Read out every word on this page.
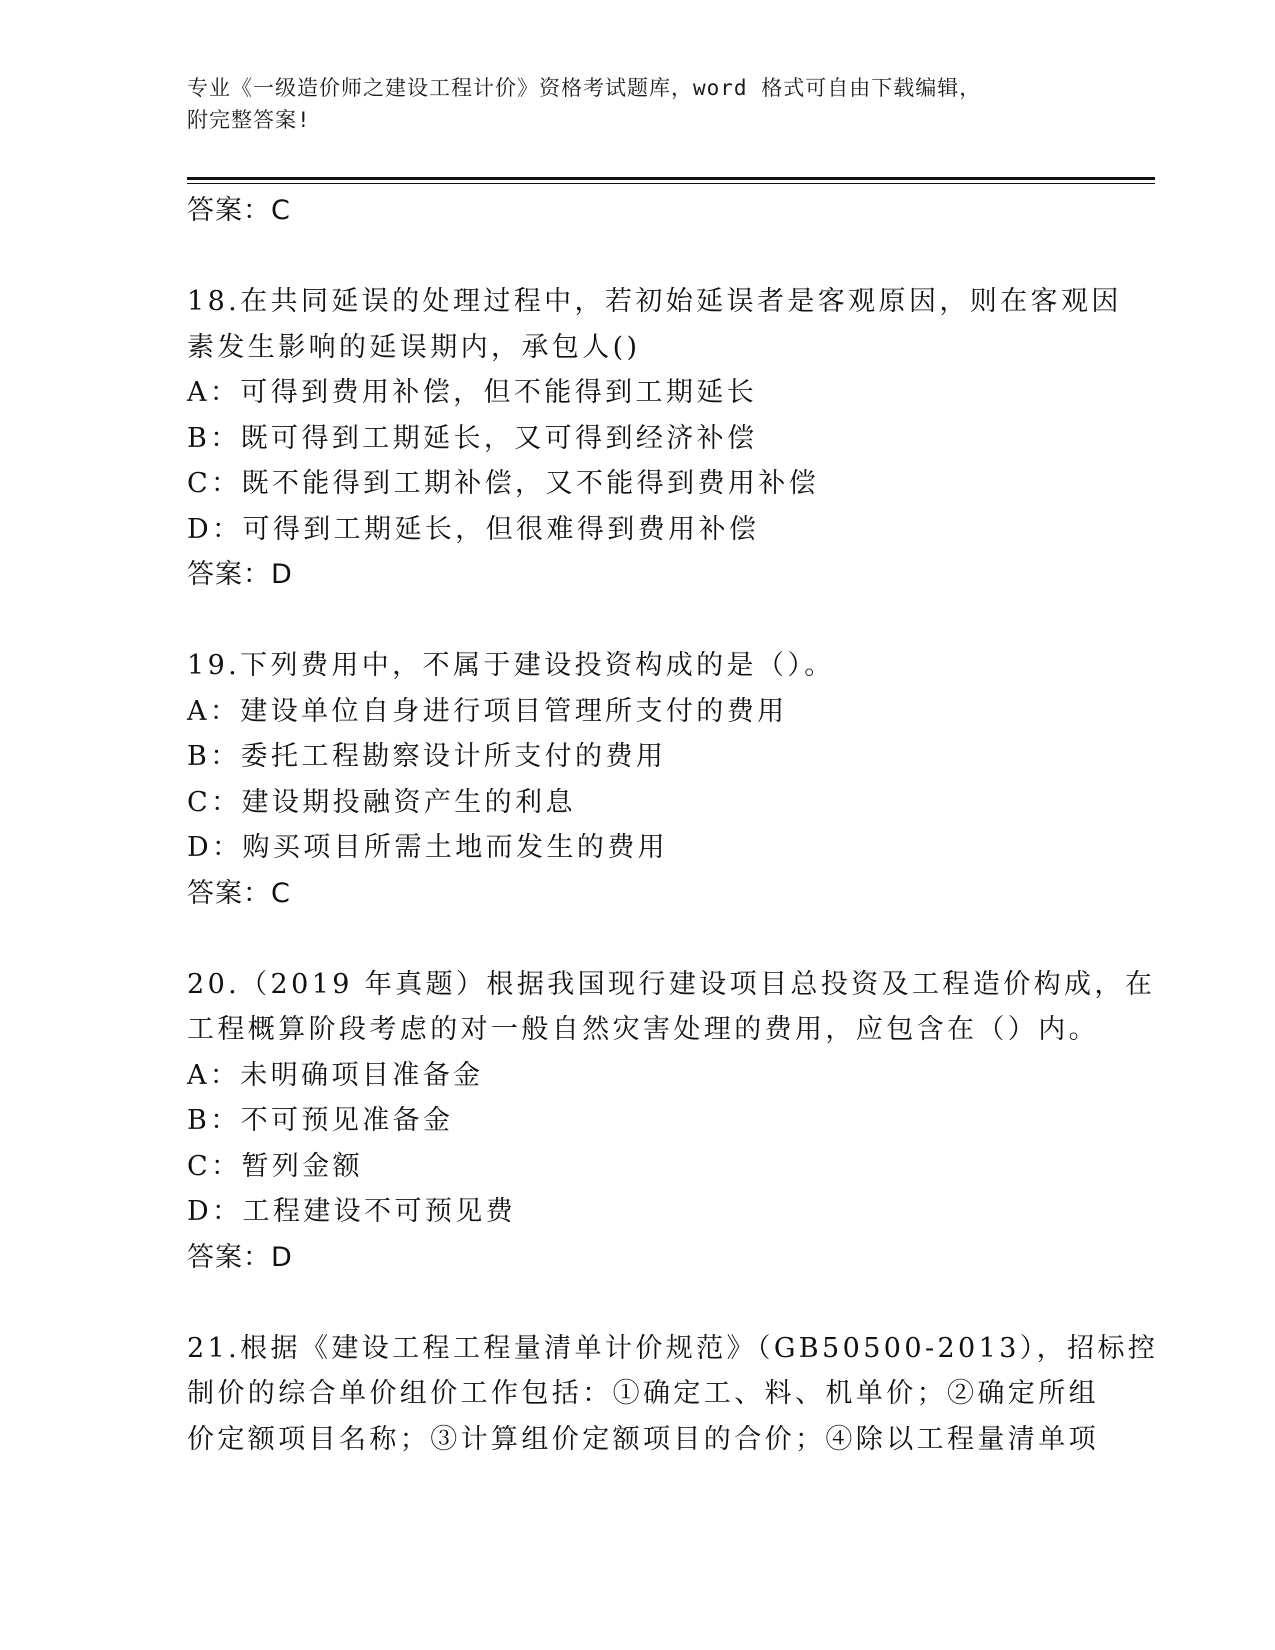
专业《一级造价师之建设工程计价》资格考试题库，word 格式可自由下载编辑，
附完整答案!
答案：C
18.在共同延误的处理过程中，若初始延误者是客观原因，则在客观因
素发生影响的延误期内，承包人()
A：可得到费用补偿，但不能得到工期延长
B：既可得到工期延长，又可得到经济补偿
C：既不能得到工期补偿，又不能得到费用补偿
D：可得到工期延长，但很难得到费用补偿
答案：D
19.下列费用中，不属于建设投资构成的是（）。
A：建设单位自身进行项目管理所支付的费用
B：委托工程勘察设计所支付的费用
C：建设期投融资产生的利息
D：购买项目所需土地而发生的费用
答案：C
20.（2019 年真题）根据我国现行建设项目总投资及工程造价构成，在
工程概算阶段考虑的对一般自然灾害处理的费用，应包含在（）内。
A：未明确项目准备金
B：不可预见准备金
C：暂列金额
D：工程建设不可预见费
答案：D
21.根据《建设工程工程量清单计价规范》（GB50500-2013），招标控
制价的综合单价组价工作包括：①确定工、料、机单价；②确定所组
价定额项目名称；③计算组价定额项目的合价；④除以工程量清单项
